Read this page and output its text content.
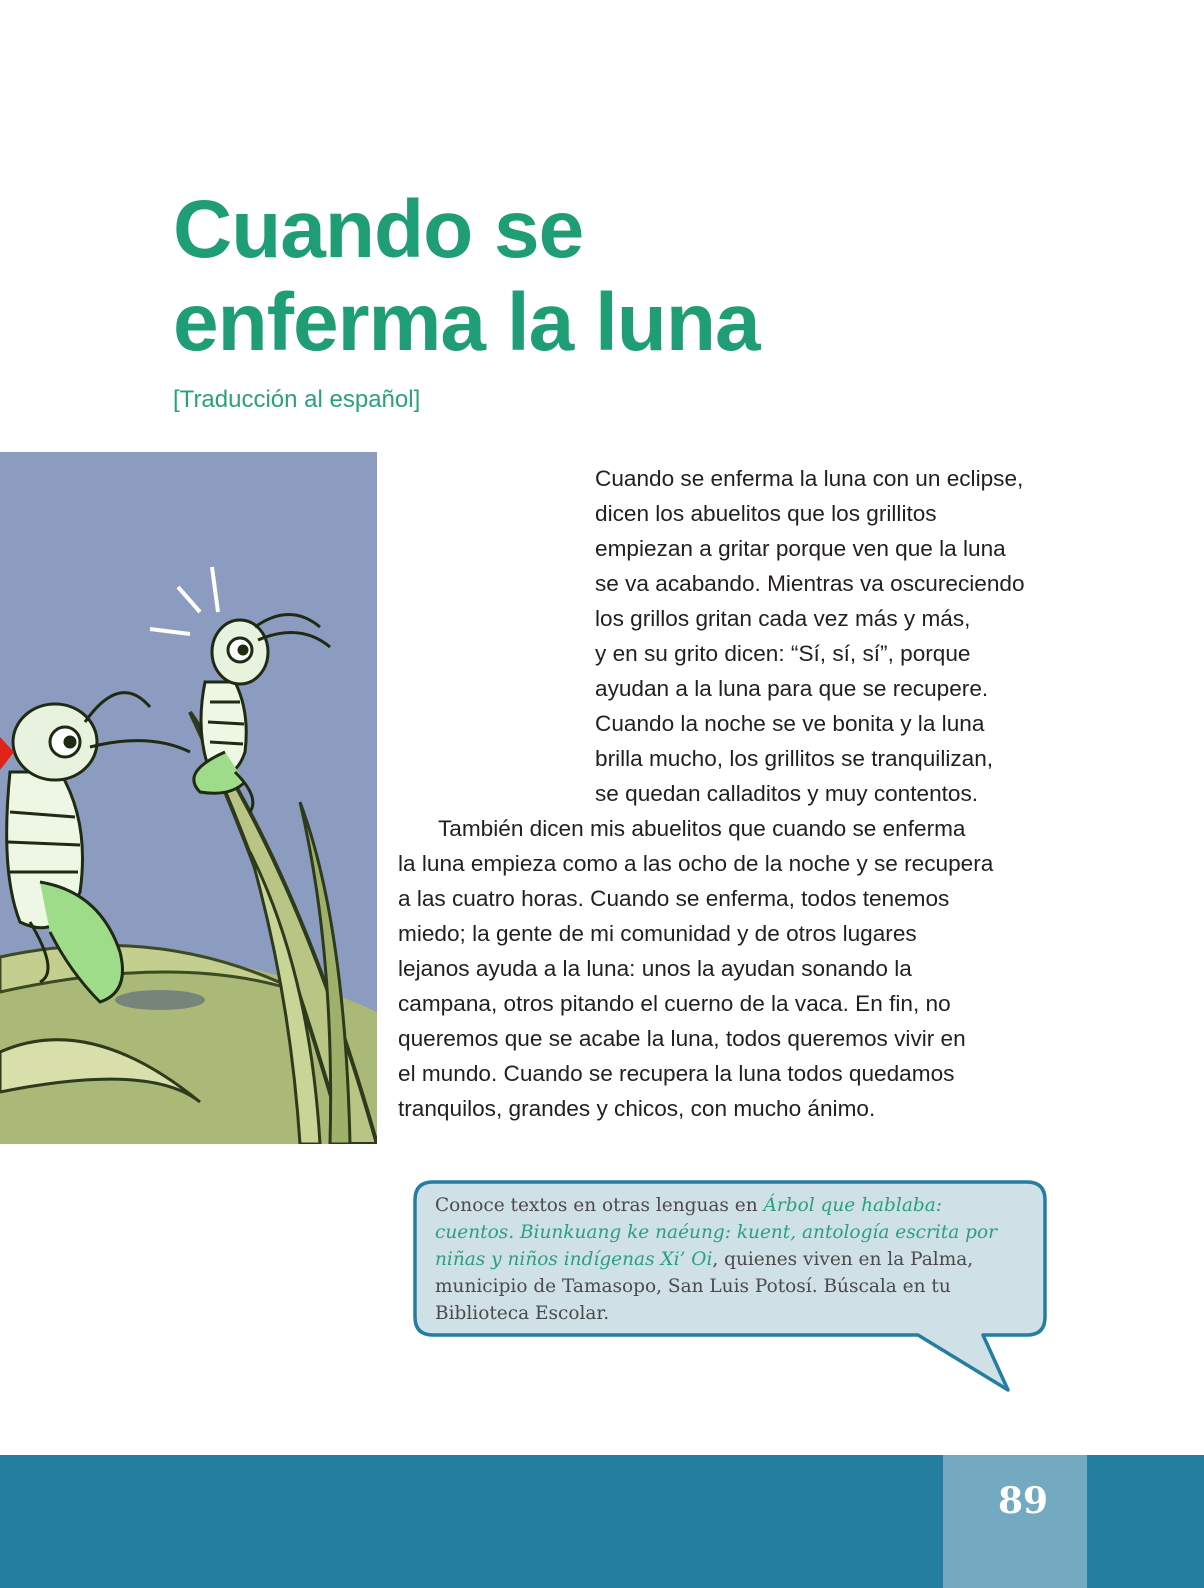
Cuando se
enferma la luna
[Traducción al español]

Cuando se enferma la luna con un eclipse,

dicen los abuelitos que los grillitos

empiezan a gritar porque ven que la luna

se va acabando. Mientras va oscureciendo

los grillos gritan cada vez más y más,

y en su grito dicen: “Sí, sí, sí”, porque

ayudan a la luna para que se recupere.

Cuando la noche se ve bonita y la luna

brilla mucho, los grillitos se tranquilizan,

se quedan calladitos y muy contentos.

También dicen mis abuelitos que cuando se enferma

la luna empieza como a las ocho de la noche y se recupera

a las cuatro horas. Cuando se enferma, todos tenemos

miedo; la gente de mi comunidad y de otros lugares

lejanos ayuda a la luna: unos la ayudan sonando la

campana, otros pitando el cuerno de la vaca. En fin, no

queremos que se acabe la luna, todos queremos vivir en

el mundo. Cuando se recupera la luna todos quedamos

tranquilos, grandes y chicos, con mucho ánimo.

Conoce textos en otras lenguas en Árbol que hablaba: cuentos. Biunkuang ke naéung: kuent, antología escrita por niñas y niños indígenas Xi’ Oi, quienes viven en la Palma, municipio de Tamasopo, San Luis Potosí. Búscala en tu Biblioteca Escolar.
89
